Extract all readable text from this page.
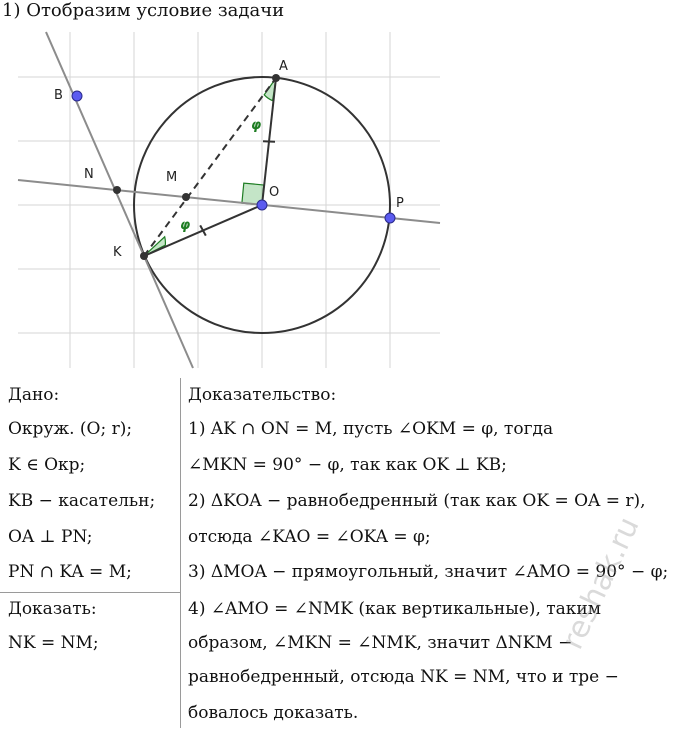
1) Отобразим условие задачи
A
B
N	M
O
P
K
φ
φ
Дано:
Окруж. (O; r);
K ∈ Окр;
KB − касательн;
OA ⊥ PN;
PN ∩ KA = M;
Доказать:
NK = NM;
Доказательство:
1) AK ∩ ON = M, пусть ∠OKM = φ, тогда
∠MKN = 90° − φ, так как OK ⊥ KB;
2) ΔKOA − равнобедренный (так как OK = OA = r),
отсюда ∠KAO = ∠OKA = φ;
3) ΔMOA − прямоугольный, значит ∠AMO = 90° − φ;
4) ∠AMO = ∠NMK (как вертикальные), таким
образом, ∠MKN = ∠NMK, значит ΔNKM −
равнобедренный, отсюда NK = NM, что и тре −
бовалось доказать.
reshak.ru
